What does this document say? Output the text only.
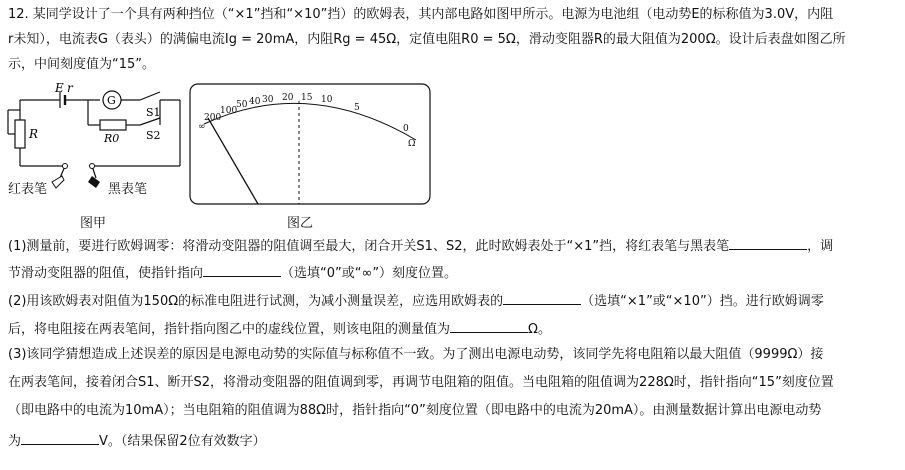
12. 某同学设计了一个具有两种挡位（“×1”挡和“×10”挡）的欧姆表，其内部电路如图甲所示。电源为电池组（电动势E的标称值为3.0V，内阻
r未知），电流表G（表头）的满偏电流Ig = 20mA，内阻Rg = 45Ω，定值电阻R0 = 5Ω，滑动变阻器R的最大阻值为200Ω。设计后表盘如图乙所
示，中间刻度值为“15”。
E r
G
S1
S2
R0
R
红表笔	黑表笔
图甲
∞
200
100
50 40 30 20 15 10
5
0
Ω
图乙
(1)测量前，要进行欧姆调零：将滑动变阻器的阻值调至最大，闭合开关S1、S2，此时欧姆表处于“×1”挡，将红表笔与黑表笔	，调
节滑动变阻器的阻值，使指针指向	（选填“0”或“∞”）刻度位置。
(2)用该欧姆表对阻值为150Ω的标准电阻进行试测，为减小测量误差，应选用欧姆表的	（选填“×1”或“×10”）挡。进行欧姆调零
后，将电阻接在两表笔间，指针指向图乙中的虚线位置，则该电阻的测量值为	Ω。
(3)该同学猜想造成上述误差的原因是电源电动势的实际值与标称值不一致。为了测出电源电动势，该同学先将电阻箱以最大阻值（9999Ω）接
在两表笔间，接着闭合S1、断开S2，将滑动变阻器的阻值调到零，再调节电阻箱的阻值。当电阻箱的阻值调为228Ω时，指针指向“15”刻度位置
（即电路中的电流为10mA）；当电阻箱的阻值调为88Ω时，指针指向“0”刻度位置（即电路中的电流为20mA）。由测量数据计算出电源电动势
为	V。（结果保留2位有效数字）
